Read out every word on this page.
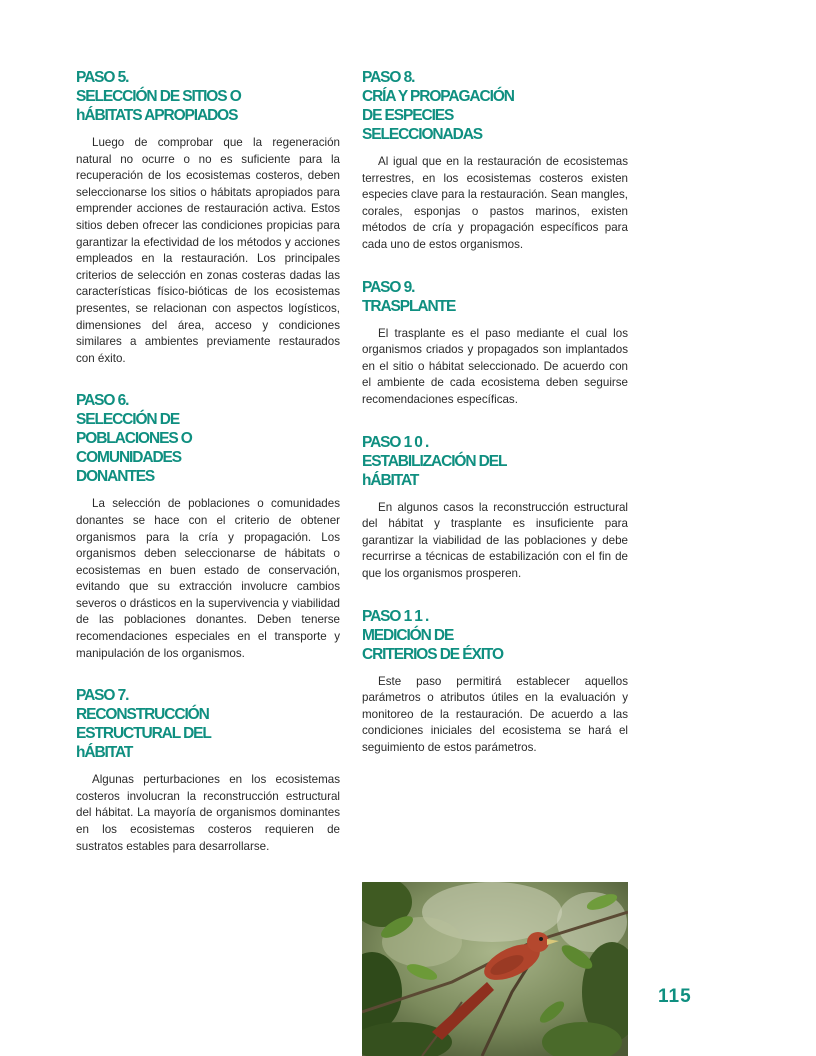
PASO 5.
SELECCIÓN DE SITIOS O
hÁBITATS APROPIADOS

Luego de comprobar que la regeneración natural no ocurre o no es suficiente para la recuperación de los ecosistemas costeros, deben seleccionarse los sitios o hábitats apropiados para emprender acciones de restauración activa. Estos sitios deben ofrecer las condiciones propicias para garantizar la efectividad de los métodos y acciones empleados en la restauración. Los principales criterios de selección en zonas costeras dadas las características físico-bióticas de los ecosistemas presentes, se relacionan con aspectos logísticos, dimensiones del área, acceso y condiciones similares a ambientes previamente restaurados con éxito.

PASO 6.
SELECCIÓN DE
POBLACIONES O
COMUNIDADES
DONANTES

La selección de poblaciones o comunidades donantes se hace con el criterio de obtener organismos para la cría y propagación. Los organismos deben seleccionarse de hábitats o ecosistemas en buen estado de conservación, evitando que su extracción involucre cambios severos o drásticos en la supervivencia y viabilidad de las poblaciones donantes. Deben tenerse recomendaciones especiales en el transporte y manipulación de los organismos.

PASO 7.
RECONSTRUCCIÓN
ESTRUCTURAL DEL
hÁBITAT

Algunas perturbaciones en los ecosistemas costeros involucran la reconstrucción estructural del hábitat. La mayoría de organismos dominantes en los ecosistemas costeros requieren de sustratos estables para desarrollarse.

PASO 8.
CRÍA Y PROPAGACIÓN
DE ESPECIES
SELECCIONADAS

Al igual que en la restauración de ecosistemas terrestres, en los ecosistemas costeros existen especies clave para la restauración. Sean mangles, corales, esponjas o pastos marinos, existen métodos de cría y propagación específicos para cada uno de estos organismos.

PASO 9.
TRASPLANTE

El trasplante es el paso mediante el cual los organismos criados y propagados son implantados en el sitio o hábitat seleccionado. De acuerdo con el ambiente de cada ecosistema deben seguirse recomendaciones específicas.

PASO 1 0 .
ESTABILIZACIÓN DEL
hÁBITAT

En algunos casos la reconstrucción estructural del hábitat y trasplante es insuficiente para garantizar la viabilidad de las poblaciones y debe recurrirse a técnicas de estabilización con el fin de que los organismos prosperen.

PASO 1 1 .
MEDICIÓN DE
CRITERIOS DE ÉXITO

Este paso permitirá establecer aquellos parámetros o atributos útiles en la evaluación y monitoreo de la restauración. De acuerdo a las condiciones iniciales del ecosistema se hará el seguimiento de estos parámetros.

115
